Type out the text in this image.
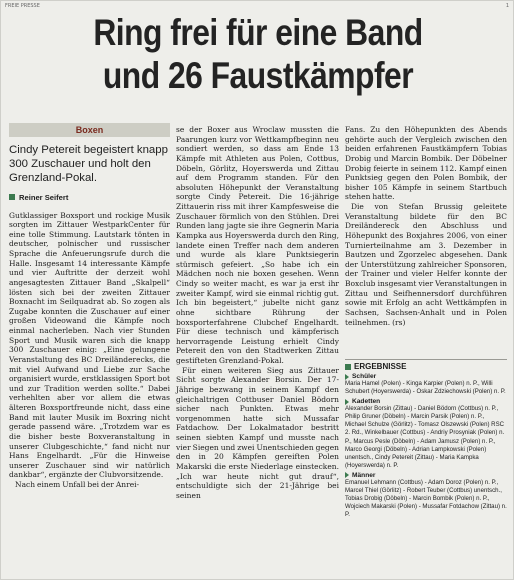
FREIE PRESSE	1
Ring frei für eine Band
und 26 Faustkämpfer
Boxen
Cindy Petereit begeistert knapp 300 Zuschauer und holt den Grenzland-Pokal.
Reiner Seifert

Gutklassiger Boxsport und rockige Musik sorgten im Zittauer WestparkCenter für eine tolle Stimmung. Lautstark tönten in deutscher, polnischer und russischer Sprache die Anfeuerungsrufe durch die Halle. Insgesamt 14 interessante Kämpfe und vier Auftritte der derzeit wohl angesagtesten Zittauer Band „Skalpell“ lösten sich bei der zweiten Zittauer Boxnacht im Seilquadrat ab. So zogen als Zugabe konnten die Zuschauer auf einer großen Videowand die Kämpfe noch einmal nacherleben. Nach vier Stunden Sport und Musik waren sich die knapp 300 Zuschauer einig: „Eine gelungene Veranstaltung des BC Dreiländerecks, die mit viel Aufwand und Liebe zur Sache organisiert wurde, erstklassigen Sport bot und zur Tradition werden sollte.“ Dabei verhehlten aber vor allem die etwas älteren Boxsportfreunde nicht, dass eine Band mit lauter Musik im Boxring nicht gerade passend wäre. „Trotzdem war es die bisher beste Boxveranstaltung in unserer Clubgeschichte,“ fand nicht nur Hans Engelhardt. „Für die Hinweise unserer Zuschauer sind wir natürlich dankbar“, ergänzte der Clubvorsitzende.

Nach einem Unfall bei der Anrei-

se der Boxer aus Wroclaw mussten die Paarungen kurz vor Wettkampfbeginn neu sondiert werden, so dass am Ende 13 Kämpfe mit Athleten aus Polen, Cottbus, Döbeln, Görlitz, Hoyerswerda und Zittau auf dem Programm standen. Für den absoluten Höhepunkt der Veranstaltung sorgte Cindy Petereit. Die 16-jährige Zittauerin riss mit ihrer Kampfesweise die Zuschauer förmlich von den Stühlen. Drei Runden lang jagte sie ihre Gegnerin Maria Kampka aus Hoyerswerda durch den Ring, landete einen Treffer nach dem anderen und wurde als klare Punktsiegerin stürmisch gefeiert. „So habe ich ein Mädchen noch nie boxen gesehen. Wenn Cindy so weiter macht, es war ja erst ihr zweiter Kampf, wird sie einmal richtig gut. Ich bin begeistert,“ jubelte nicht ganz ohne sichtbare Rührung der boxsporterfahrene Clubchef Engelhardt. Für diese technisch und kämpferisch hervorragende Leistung erhielt Cindy Petereit den von den Stadtwerken Zittau gestifteten Grenzland-Pokal.

Für einen weiteren Sieg aus Zittauer Sicht sorgte Alexander Borsin. Der 17-Jährige bezwang in seinem Kampf den gleichaltrigen Cottbuser Daniel Bödorn sicher nach Punkten. Etwas mehr vorgenommen hatte sich Mussafar Fatdachow. Der Lokalmatador bestritt seinen siebten Kampf und musste nach vier Siegen und zwei Unentschieden gegen den in 20 Kämpfen gereiften Polen Makarski die erste Niederlage einstecken. „Ich war heute nicht gut drauf“, entschuldigte sich der 21-Jährige bei seinen

Fans. Zu den Höhepunkten des Abends gehörte auch der Vergleich zwischen den beiden erfahrenen Faustkämpfern Tobias Drobig und Marcin Bombik. Der Döbelner Drobig feierte in seinem 112. Kampf einen Punktsieg gegen den Polen Bombik, der bisher 105 Kämpfe in seinem Startbuch stehen hatte.

Die von Stefan Brussig geleitete Veranstaltung bildete für den BC Dreiländereck den Abschluss und Höhepunkt des Boxjahres 2006, von einer Turnierteilnahme am 3. Dezember in Bautzen und Zgorzelec abgesehen. Dank der Unterstützung zahlreicher Sponsoren, der Trainer und vieler Helfer konnte der Boxclub insgesamt vier Veranstaltungen in Zittau und Seifhennersdorf durchführen sowie mit Erfolg an acht Wettkämpfen in Sachsen, Sachsen-Anhalt und in Polen teilnehmen. (rs)

ERGEBNISSE
Schüler
Maria Hamel (Polen) - Kinga Karpier (Polen) n. P., Willi Schubert (Hoyerswerda) - Oskar Zdziechowski (Polen) n. P.
Kadetten
Alexander Borsin (Zittau) - Daniel Bödorn (Cottbus) n. P., Philip Gruner (Döbeln) - Marcin Parsik (Polen) n. P., Michael Schulze (Görlitz) - Tomasz Olszewski (Polen) RSC 2. Rd., Winkelbauer (Cottbus) - Andriy Prosyniak (Polen) n. P., Marcus Pesle (Döbeln) - Adam Jamusz (Polen) n. P., Marco Georgi (Döbeln) - Adrian Lampkowski (Polen) unentsch., Cindy Petereit (Zittau) - Maria Kampka (Hoyerswerda) n. P.
Männer
Emanuel Lehmann (Cottbus) - Adam Doroz (Polen) n. P., Marcel Thiel (Görlitz) - Robert Teuber (Cottbus) unentsch., Tobias Drobig (Döbeln) - Marcin Bombik (Polen) n. P., Wojciech Makarski (Polen) - Mussafar Fotdachow (Zittau) n. P.
